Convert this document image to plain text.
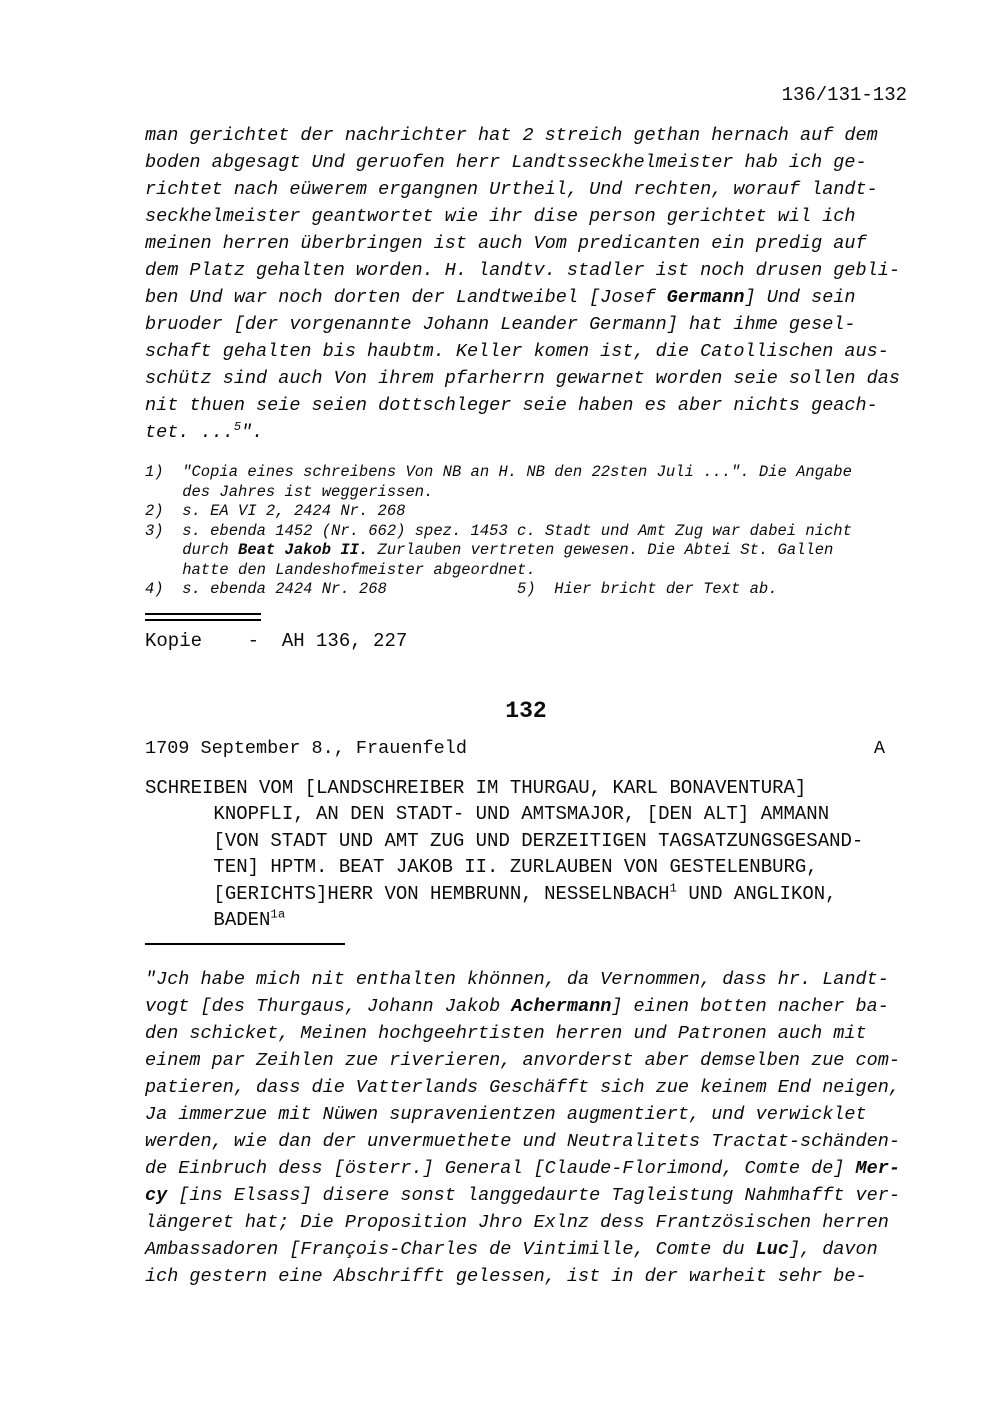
136/131-132
man gerichtet der nachrichter hat 2 streich gethan hernach auf dem
boden abgesagt Und geruofen herr Landtsseckhelmeister hab ich ge-
richtet nach eüwerem ergangnen Urtheil, Und rechten, worauf landt-
seckhelmeister geantwortet wie ihr dise person gerichtet wil ich
meinen herren überbringen ist auch Vom predicanten ein predig auf
dem Platz gehalten worden. H. landtv. stadler ist noch drusen gebli-
ben Und war noch dorten der Landtweibel [Josef Germann] Und sein
bruoder [der vorgenannte Johann Leander Germann] hat ihme gesel-
schaft gehalten bis haubtm. Keller komen ist, die Catollischen aus-
schütz sind auch Von ihrem pfarherrn gewarnet worden seie sollen das
nit thuen seie seien dottschleger seie haben es aber nichts geach-
tet. ...$^5$".
1)  "Copia eines schreibens Von NB an H. NB den 22sten Juli ...". Die Angabe
des Jahres ist weggerissen.
2)  s. EA VI 2, 2424 Nr. 268
3)  s. ebenda 1452 (Nr. 662) spez. 1453 c. Stadt und Amt Zug war dabei nicht
durch Beat Jakob II. Zurlauben vertreten gewesen. Die Abtei St. Gallen
hatte den Landeshofmeister abgeordnet.
4)  s. ebenda 2424 Nr. 268              5)  Hier bricht der Text ab.
Kopie    -  AH 136, 227
132
1709 September 8., Frauenfeld	A
SCHREIBEN VOM [LANDSCHREIBER IM THURGAU, KARL BONAVENTURA]
KNOPFLI, AN DEN STADT- UND AMTSMAJOR, [DEN ALT] AMMANN
[VON STADT UND AMT ZUG UND DERZEITIGEN TAGSATZUNGSGESAND-
TEN] HPTM. BEAT JAKOB II. ZURLAUBEN VON GESTELENBURG,
[GERICHTS]HERR VON HEMBRUNN, NESSELNBACH$^1$ UND ANGLIKON,
$BADEN^{1a}$
"Jch habe mich nit enthalten khönnen, da Vernommen, dass hr. Landt-
vogt [des Thurgaus, Johann Jakob Achermann] einen botten nacher ba-
den schicket, Meinen hochgeehrtisten herren und Patronen auch mit
einem par Zeihlen zue riverieren, anvorderst aber demselben zue com-
patieren, dass die Vatterlands Geschäfft sich zue keinem End neigen,
Ja immerzue mit Nüwen supravenientzen augmentiert, und verwicklet
werden, wie dan der unvermuethete und Neutralitets Tractat-schänden-
de Einbruch dess [österr.] General [Claude-Florimond, Comte de] Mer-
cy [ins Elsass] disere sonst langgedaurte Tagleistung Nahmhafft ver-
längeret hat; Die Proposition Jhro Exlnz dess Frantzösischen herren
Ambassadoren [François-Charles de Vintimille, Comte du Luc], davon
ich gestern eine Abschrifft gelessen, ist in der warheit sehr be-
